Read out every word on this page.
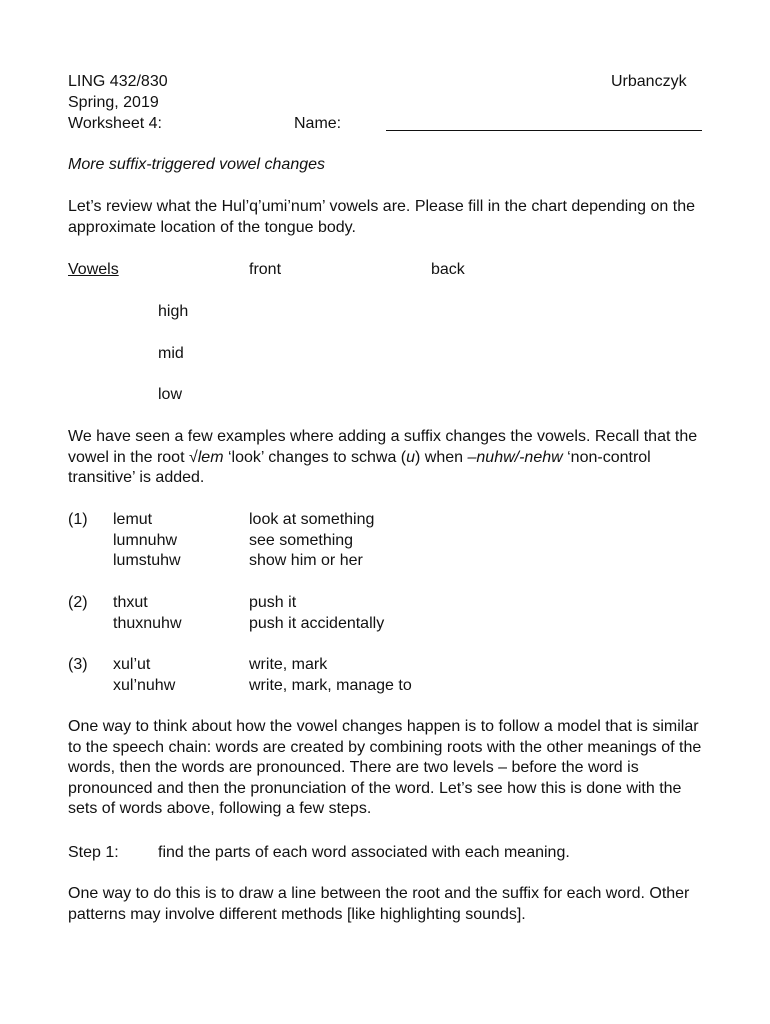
LING 432/830	Urbanczyk
Spring, 2019
Worksheet 4:	Name:
More suffix-triggered vowel changes
Let’s review what the Hul’q’umi’num’ vowels are. Please fill in the chart depending on the approximate location of the tongue body.
Vowels	front	back
high
mid
low
We have seen a few examples where adding a suffix changes the vowels. Recall that the vowel in the root √lem ‘look’ changes to schwa (u) when –nuhw/-nehw ‘non-control transitive’ is added.
(1) lemut	look at something
lumnuhw	see something
lumstuhw	show him or her
(2) thxut	push it
thuxnuhw	push it accidentally
(3) xul’ut	write, mark
xul’nuhw	write, mark, manage to
One way to think about how the vowel changes happen is to follow a model that is similar to the speech chain: words are created by combining roots with the other meanings of the words, then the words are pronounced. There are two levels – before the word is pronounced and then the pronunciation of the word. Let’s see how this is done with the sets of words above, following a few steps.
Step 1: find the parts of each word associated with each meaning.
One way to do this is to draw a line between the root and the suffix for each word. Other patterns may involve different methods [like highlighting sounds].
